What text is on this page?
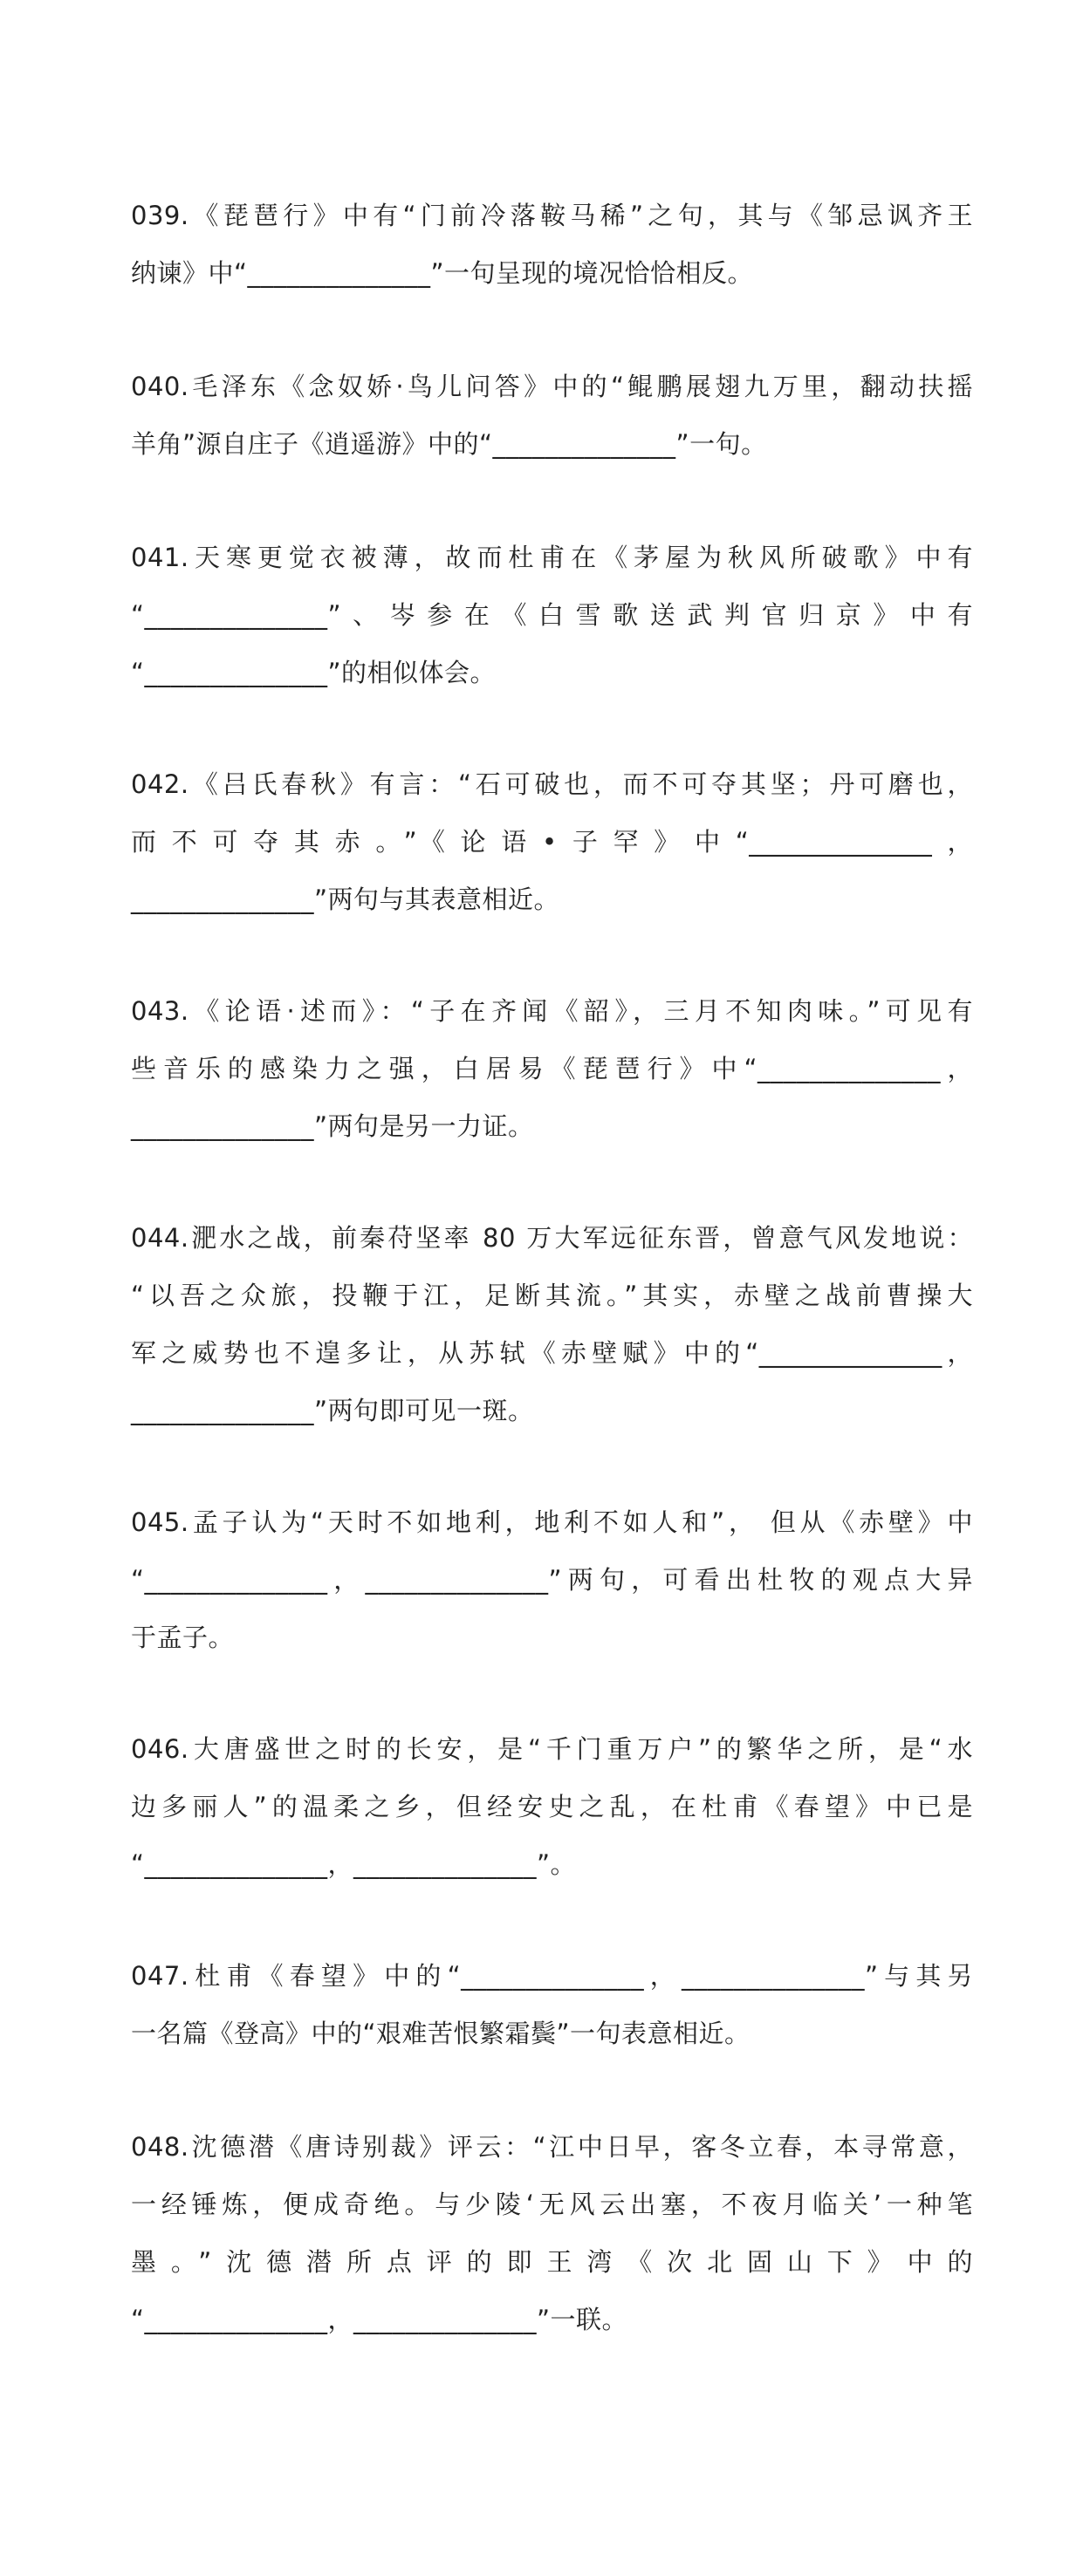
039.《琵琶行》中有“门前冷落鞍马稀”之句，其与《邹忌讽齐王
纳谏》中“______________”一句呈现的境况恰恰相反。
040.毛泽东《念奴娇·鸟儿问答》中的“鲲鹏展翅九万里，翻动扶摇
羊角”源自庄子《逍遥游》中的“______________”一句。
041.天寒更觉衣被薄，故而杜甫在《茅屋为秋风所破歌》中有
“______________”、岑参在《白雪歌送武判官归京》中有
“______________”的相似体会。
042.《吕氏春秋》有言：“石可破也，而不可夺其坚；丹可磨也，
而不可夺其赤。”《论语•子罕》中“______________，
______________”两句与其表意相近。
043.《论语·述而》：“子在齐闻《韶》，三月不知肉味。”可见有
些音乐的感染力之强，白居易《琵琶行》中“______________，
______________”两句是另一力证。
044.淝水之战，前秦苻坚率 80 万大军远征东晋，曾意气风发地说：
“以吾之众旅，投鞭于江，足断其流。”其实，赤壁之战前曹操大
军之威势也不遑多让，从苏轼《赤壁赋》中的“______________，
______________”两句即可见一斑。
045.孟子认为“天时不如地利，地利不如人和”， 但从《赤壁》中
“______________，______________”两句，可看出杜牧的观点大异
于孟子。
046.大唐盛世之时的长安，是“千门重万户”的繁华之所，是“水
边多丽人”的温柔之乡，但经安史之乱，在杜甫《春望》中已是
“______________，______________”。
047.杜甫《春望》中的“______________，______________”与其另
一名篇《登高》中的“艰难苦恨繁霜鬓”一句表意相近。
048.沈德潜《唐诗别裁》评云：“江中日早，客冬立春，本寻常意，
一经锤炼，便成奇绝。与少陵‘无风云出塞，不夜月临关’一种笔
墨。”沈德潜所点评的即王湾《次北固山下》中的
“______________，______________”一联。
